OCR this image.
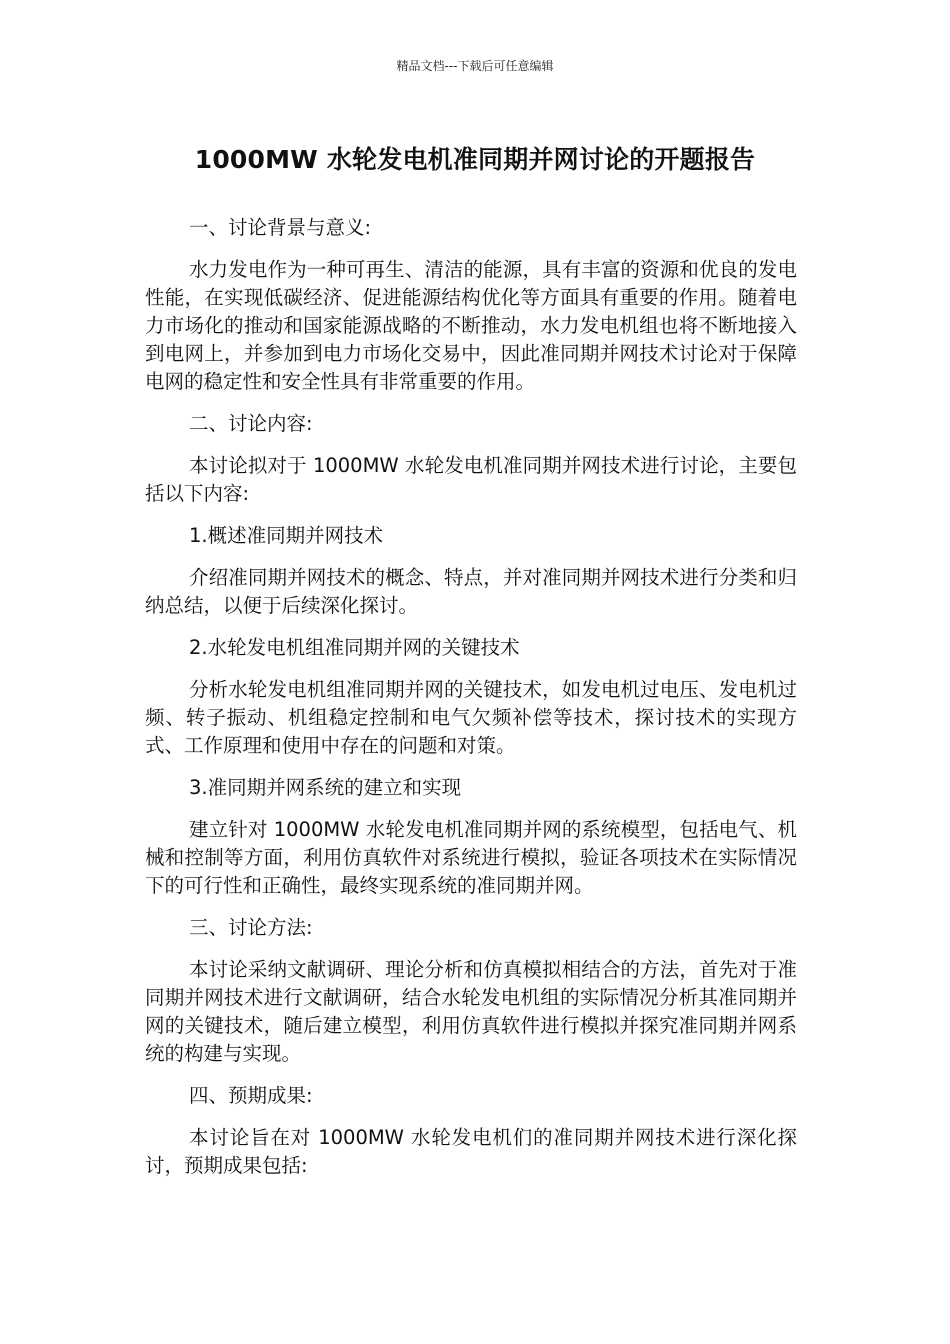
精品文档---下载后可任意编辑
1000MW 水轮发电机准同期并网讨论的开题报告

一、讨论背景与意义:

水力发电作为一种可再生、清洁的能源，具有丰富的资源和优良的发电性能，在实现低碳经济、促进能源结构优化等方面具有重要的作用。随着电力市场化的推动和国家能源战略的不断推动，水力发电机组也将不断地接入到电网上，并参加到电力市场化交易中，因此准同期并网技术讨论对于保障电网的稳定性和安全性具有非常重要的作用。

二、讨论内容:

本讨论拟对于 1000MW 水轮发电机准同期并网技术进行讨论，主要包括以下内容:

1.概述准同期并网技术

介绍准同期并网技术的概念、特点，并对准同期并网技术进行分类和归纳总结，以便于后续深化探讨。

2.水轮发电机组准同期并网的关键技术

分析水轮发电机组准同期并网的关键技术，如发电机过电压、发电机过频、转子振动、机组稳定控制和电气欠频补偿等技术，探讨技术的实现方式、工作原理和使用中存在的问题和对策。

3.准同期并网系统的建立和实现

建立针对 1000MW 水轮发电机准同期并网的系统模型，包括电气、机械和控制等方面，利用仿真软件对系统进行模拟，验证各项技术在实际情况下的可行性和正确性，最终实现系统的准同期并网。

三、讨论方法:

本讨论采纳文献调研、理论分析和仿真模拟相结合的方法，首先对于准同期并网技术进行文献调研，结合水轮发电机组的实际情况分析其准同期并网的关键技术，随后建立模型，利用仿真软件进行模拟并探究准同期并网系统的构建与实现。

四、预期成果:

本讨论旨在对 1000MW 水轮发电机们的准同期并网技术进行深化探讨，预期成果包括:
